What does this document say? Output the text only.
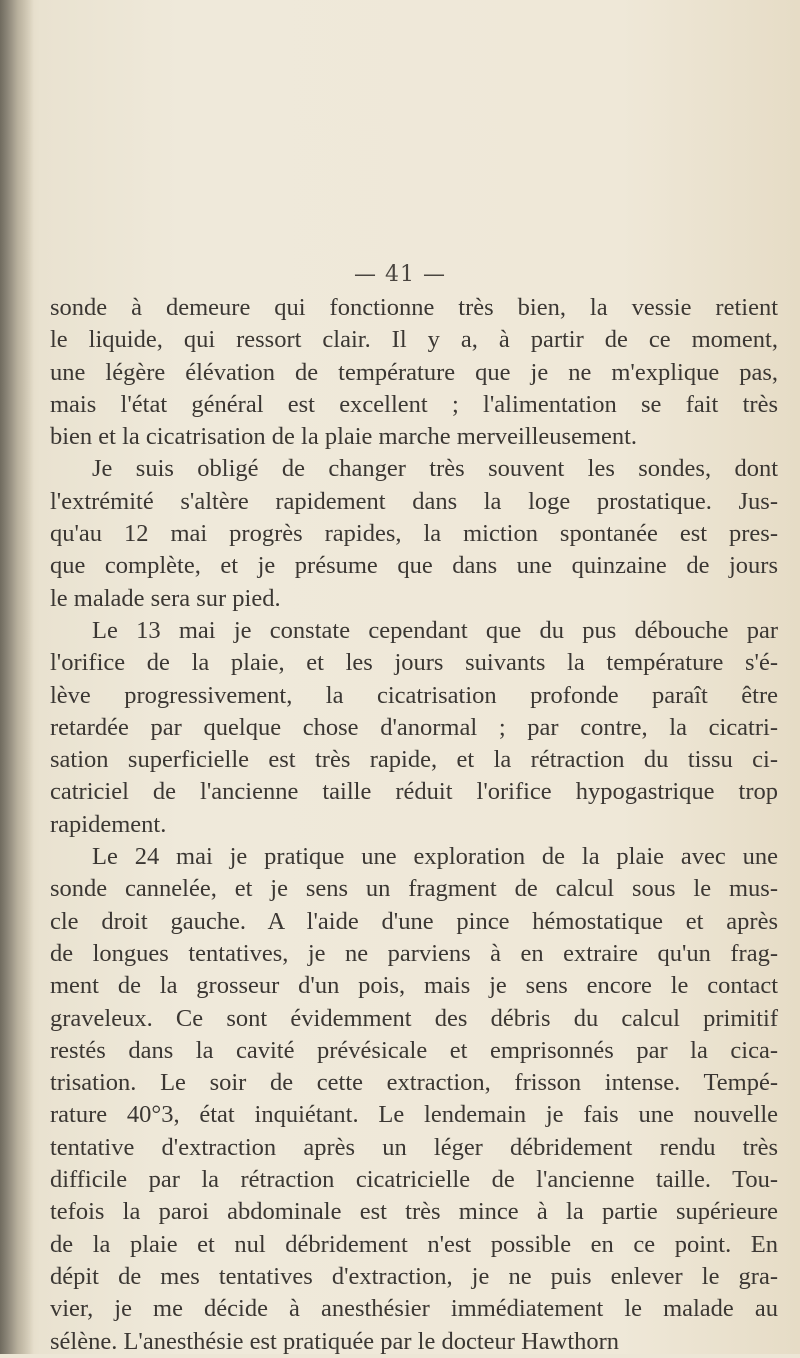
— 41 —
sonde à demeure qui fonctionne très bien, la vessie retient
le liquide, qui ressort clair. Il y a, à partir de ce moment,
une légère élévation de température que je ne m'explique pas,
mais l'état général est excellent ; l'alimentation se fait très
bien et la cicatrisation de la plaie marche merveilleusement.
Je suis obligé de changer très souvent les sondes, dont
l'extrémité s'altère rapidement dans la loge prostatique. Jus-
qu'au 12 mai progrès rapides, la miction spontanée est pres-
que complète, et je présume que dans une quinzaine de jours
le malade sera sur pied.
Le 13 mai je constate cependant que du pus débouche par
l'orifice de la plaie, et les jours suivants la température s'é-
lève progressivement, la cicatrisation profonde paraît être
retardée par quelque chose d'anormal ; par contre, la cicatri-
sation superficielle est très rapide, et la rétraction du tissu ci-
catriciel de l'ancienne taille réduit l'orifice hypogastrique trop
rapidement.
Le 24 mai je pratique une exploration de la plaie avec une
sonde cannelée, et je sens un fragment de calcul sous le mus-
cle droit gauche. A l'aide d'une pince hémostatique et après
de longues tentatives, je ne parviens à en extraire qu'un frag-
ment de la grosseur d'un pois, mais je sens encore le contact
graveleux. Ce sont évidemment des débris du calcul primitif
restés dans la cavité prévésicale et emprisonnés par la cica-
trisation. Le soir de cette extraction, frisson intense. Tempé-
rature 40°3, état inquiétant. Le lendemain je fais une nouvelle
tentative d'extraction après un léger débridement rendu très
difficile par la rétraction cicatricielle de l'ancienne taille. Tou-
tefois la paroi abdominale est très mince à la partie supérieure
de la plaie et nul débridement n'est possible en ce point. En
dépit de mes tentatives d'extraction, je ne puis enlever le gra-
vier, je me décide à anesthésier immédiatement le malade au
sélène. L'anesthésie est pratiquée par le docteur Hawthorn
